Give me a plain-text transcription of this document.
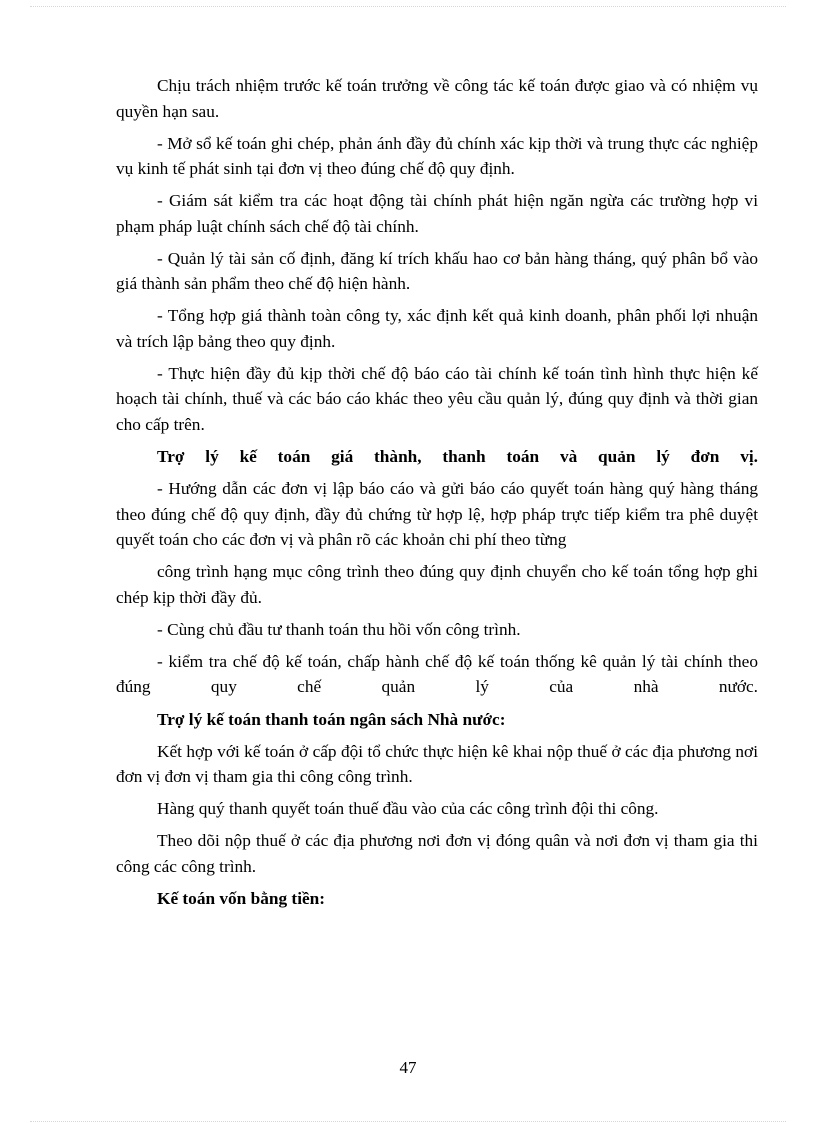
Chịu trách nhiệm trước kế toán trưởng về công tác kế toán được giao và có nhiệm vụ quyền hạn sau.

- Mở sổ kế toán ghi chép, phản ánh đầy đủ chính xác kịp thời và trung thực các nghiệp vụ kinh tế phát sinh tại đơn vị theo đúng chế độ quy định.

- Giám sát kiểm tra các hoạt động tài chính phát hiện ngăn ngừa các trường hợp vi phạm pháp luật chính sách chế độ tài chính.

- Quản lý tài sản cố định, đăng kí trích khấu hao cơ bản hàng tháng, quý phân bổ vào giá thành sản phẩm theo chế độ hiện hành.

- Tổng hợp giá thành toàn công ty, xác định kết quả kinh doanh, phân phối lợi nhuận và trích lập bảng theo quy định.

- Thực hiện đầy đủ kịp thời chế độ báo cáo tài chính kế toán tình hình thực hiện kế hoạch tài chính, thuế và các báo cáo khác theo yêu cầu quản lý, đúng quy định và thời gian cho cấp trên.

Trợ lý kế toán giá thành, thanh toán và quản lý đơn vị.

- Hướng dẫn các đơn vị lập báo cáo và gửi báo cáo quyết toán hàng quý hàng tháng theo đúng chế độ quy định, đầy đủ chứng từ hợp lệ, hợp pháp trực tiếp kiểm tra phê duyệt quyết toán cho các đơn vị và phân rõ các khoản chi phí theo từng

công trình hạng mục công trình theo đúng quy định chuyển cho kế toán tổng hợp ghi chép kịp thời đầy đủ.

- Cùng chủ đầu tư thanh toán thu hồi vốn công trình.

- kiểm tra chế độ kế toán, chấp hành chế độ kế toán thống kê quản lý tài chính theo đúng quy chế quản lý của nhà nước.

Trợ lý kế toán thanh toán ngân sách Nhà nước:

Kết hợp với kế toán ở cấp đội tổ chức thực hiện kê khai nộp thuế ở các địa phương nơi đơn vị đơn vị tham gia thi công công trình.

Hàng quý thanh quyết toán thuế đầu vào của các công trình đội thi công.

Theo dõi nộp thuế ở các địa phương nơi đơn vị đóng quân và nơi đơn vị tham gia thi công các công trình.

Kế toán vốn bằng tiền:

47
